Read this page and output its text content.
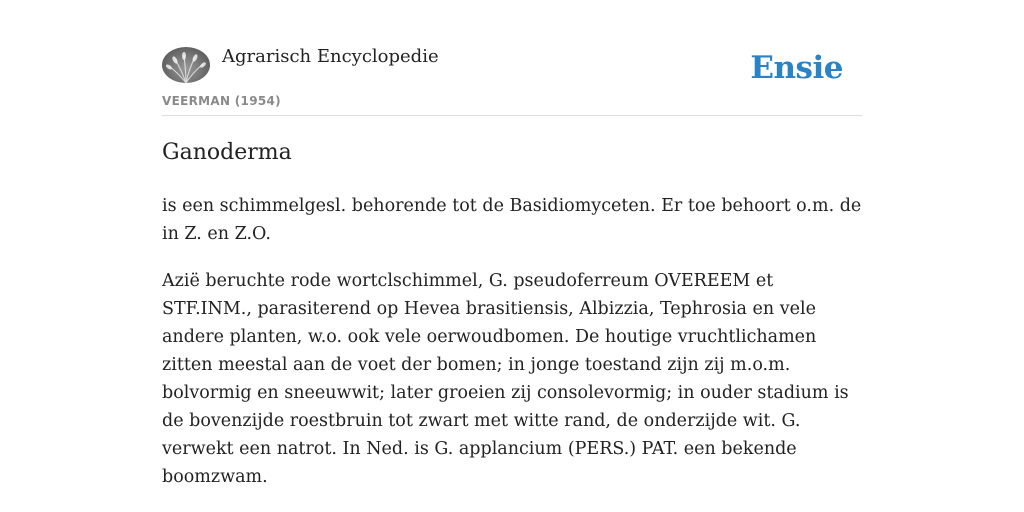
Agrarisch Encyclopedie
VEERMAN (1954)
Ensie
Ganoderma

is een schimmelgesl. behorende tot de Basidiomyceten. Er toe behoort o.m. de in Z. en Z.O.

Azië beruchte rode wortclschimmel, G. pseudoferreum OVEREEM et STF.INM., parasiterend op Hevea brasitiensis, Albizzia, Tephrosia en vele andere planten, w.o. ook vele oerwoudbomen. De houtige vruchtlichamen zitten meestal aan de voet der bomen; in jonge toestand zijn zij m.o.m. bolvormig en sneeuwwit; later groeien zij consolevormig; in ouder stadium is de bovenzijde roestbruin tot zwart met witte rand, de onderzijde wit. G. verwekt een natrot. In Ned. is G. applancium (PERS.) PAT. een bekende boomzwam.
